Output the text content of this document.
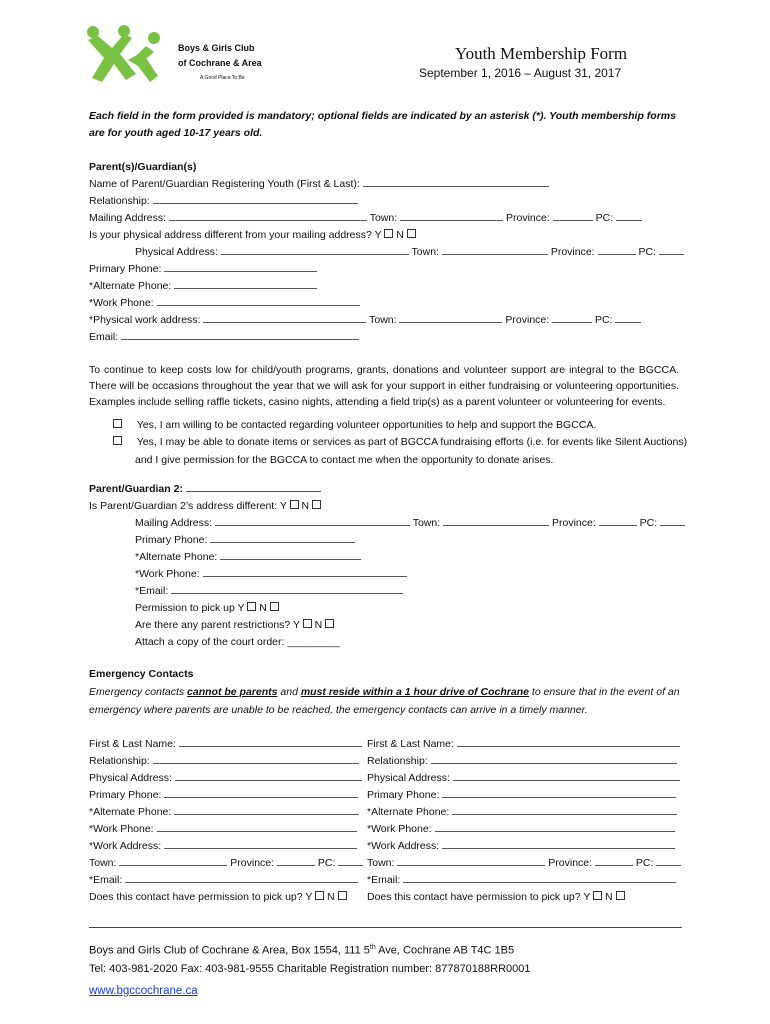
Boys & Girls Club
of Cochrane & Area
A Good Place To Be
Youth Membership Form
September 1, 2016 – August 31, 2017
Each field in the form provided is mandatory; optional fields are indicated by an asterisk (*). Youth membership forms are for youth aged 10-17 years old.
Parent(s)/Guardian(s)
Name of Parent/Guardian Registering Youth (First & Last):
Relationship:
Mailing Address:	Town:	Province:	PC:
Is your physical address different from your mailing address? Y N
Physical Address:	Town:	Province:	PC:
Primary Phone:
*Alternate Phone:
*Work Phone:
*Physical work address:	Town:	Province:	PC:
Email:
To continue to keep costs low for child/youth programs, grants, donations and volunteer support are integral to the BGCCA. There will be occasions throughout the year that we will ask for your support in either fundraising or volunteering opportunities. Examples include selling raffle tickets, casino nights, attending a field trip(s) as a parent volunteer or volunteering for events.
Yes, I am willing to be contacted regarding volunteer opportunities to help and support the BGCCA.
Yes, I may be able to donate items or services as part of BGCCA fundraising efforts (i.e. for events like Silent Auctions)
and I give permission for the BGCCA to contact me when the opportunity to donate arises.
Parent/Guardian 2:
Is Parent/Guardian 2’s address different: Y N
Mailing Address:	Town:	Province:	PC:
Primary Phone:
*Alternate Phone:
*Work Phone:
*Email:
Permission to pick up Y N
Are there any parent restrictions? Y N
Attach a copy of the court order: _________
Emergency Contacts
Emergency contacts cannot be parents and must reside within a 1 hour drive of Cochrane to ensure that in the event of an
emergency where parents are unable to be reached, the emergency contacts can arrive in a timely manner.
First & Last Name:
Relationship:
Physical Address:
Primary Phone:
*Alternate Phone:
*Work Phone:
*Work Address:
Town:	Province:	PC:
*Email:
Does this contact have permission to pick up? Y N
First & Last Name:
Relationship:
Physical Address:
Primary Phone:
*Alternate Phone:
*Work Phone:
*Work Address:
Town:	Province:	PC:
*Email:
Does this contact have permission to pick up? Y N
Boys and Girls Club of Cochrane & Area, Box 1554, 111 5th Ave, Cochrane AB T4C 1B5
Tel: 403-981-2020 Fax: 403-981-9555 Charitable Registration number: 877870188RR0001
www.bgccochrane.ca
